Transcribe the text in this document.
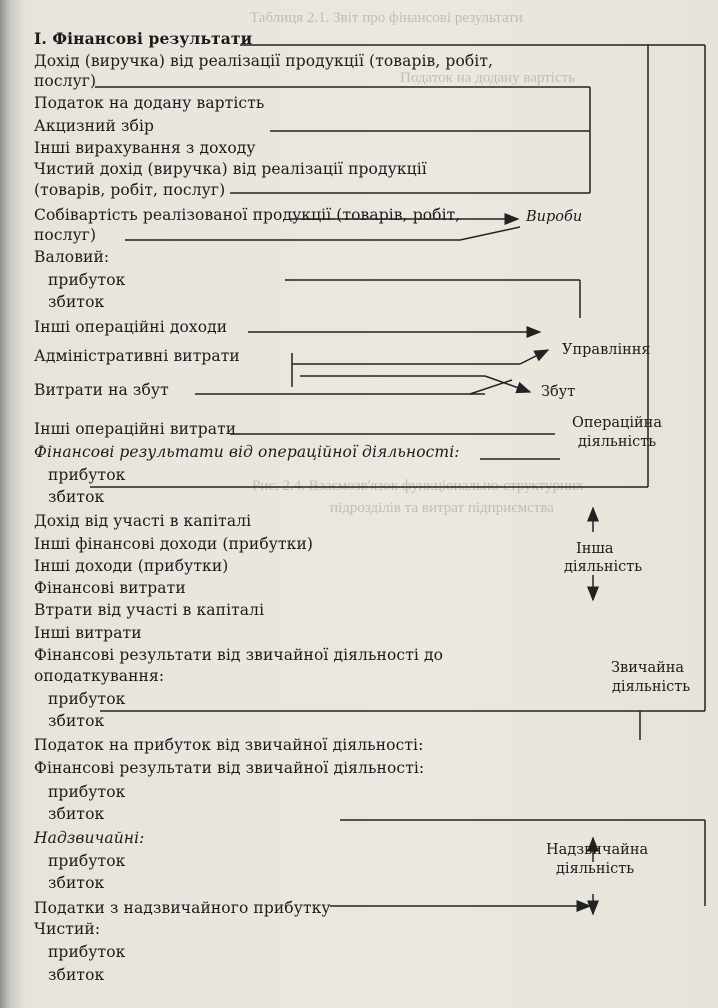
Рис. 2.4. Взаємозв'язок функціонально-структурних
підрозділів та витрат підприємства
Таблиця 2.1. Звіт про фінансові результати
Податок на додану вартість
І. Фінансові результати
Дохід (виручка) від реалізації продукції (товарів, робіт,
послуг)
Податок на додану вартість
Акцизний збір
Інші вирахування з доходу
Чистий дохід (виручка) від реалізації продукції
(товарів, робіт, послуг)
Собівартість реалізованої продукції (товарів, робіт,
послуг)
Валовий:
прибуток
збиток
Інші операційні доходи
Адміністративні витрати
Витрати на збут
Інші операційні витрати
Фінансові результати від операційної діяльності:
прибуток
збиток
Дохід від участі в капіталі
Інші фінансові доходи (прибутки)
Інші доходи (прибутки)
Фінансові витрати
Втрати від участі в капіталі
Інші витрати
Фінансові результати від звичайної діяльності до
оподаткування:
прибуток
збиток
Податок на прибуток від звичайної діяльності:
Фінансові результати від звичайної діяльності:
прибуток
збиток
Надзвичайні:
прибуток
збиток
Податки з надзвичайного прибутку
Чистий:
прибуток
збиток
Вироби
Управління
Збут
Операційна
діяльність
Інша
діяльність
Звичайна
діяльність
Надзвичайна
діяльність
